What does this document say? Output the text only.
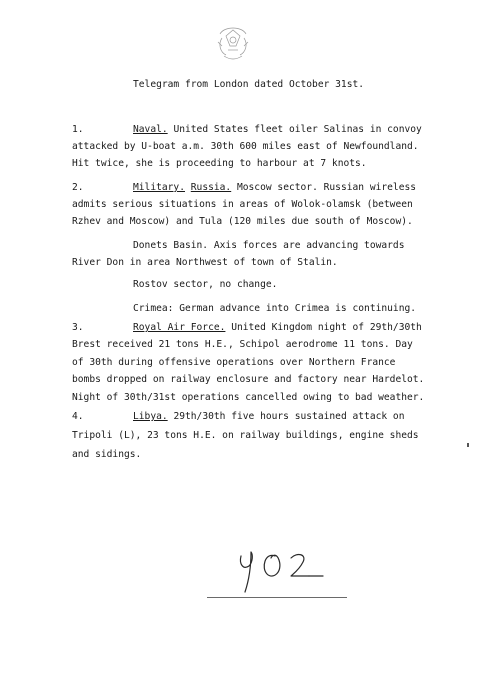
Telegram from London dated October 31st.
1.	Naval. United States fleet oiler Salinas in convoy
attacked by U-boat a.m. 30th 600 miles east of Newfoundland.
Hit twice, she is proceeding to harbour at 7 knots.
2.	Military. Russia. Moscow sector. Russian wireless
admits serious situations in areas of Wolok-olamsk (between
Rzhev and Moscow) and Tula (120 miles due south of Moscow).
Donets Basin. Axis forces are advancing towards
River Don in area Northwest of town of Stalin.
Rostov sector, no change.
Crimea: German advance into Crimea is continuing.
3.	Royal Air Force. United Kingdom night of 29th/30th
Brest received 21 tons H.E., Schipol aerodrome 11 tons. Day
of 30th during offensive operations over Northern France
bombs dropped on railway enclosure and factory near Hardelot.
Night of 30th/31st operations cancelled owing to bad weather.
4.	Libya. 29th/30th five hours sustained attack on
Tripoli (L), 23 tons H.E. on railway buildings, engine sheds
and sidings.
